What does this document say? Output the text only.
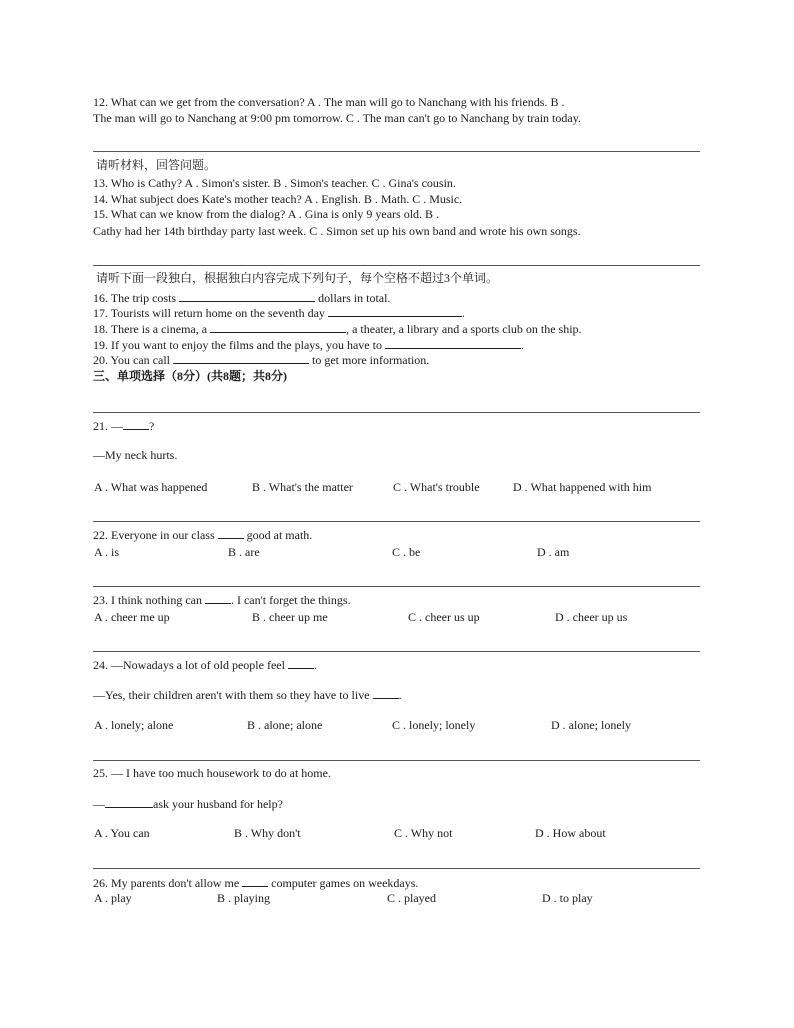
12. What can we get from the conversation? A . The man will go to Nanchang with his friends. B .
The man will go to Nanchang at 9:00 pm tomorrow. C . The man can't go to Nanchang by train today.
请听材料，回答问题。
13. Who is Cathy? A . Simon's sister. B . Simon's teacher. C . Gina's cousin.
14. What subject does Kate's mother teach? A . English. B . Math. C . Music.
15. What can we know from the dialog? A . Gina is only 9 years old. B .
Cathy had her 14th birthday party last week. C . Simon set up his own band and wrote his own songs.
请听下面一段独白，根据独白内容完成下列句子，每个空格不超过3个单词。
16. The trip costs	dollars in total.
17. Tourists will return home on the seventh day	.
18. There is a cinema, a	, a theater, a library and a sports club on the ship.
19. If you want to enjoy the films and the plays, you have to	.
20. You can call	to get more information.
三、单项选择（8分）(共8题；共8分)
21. — ?
—My neck hurts.
A . What was happened	B . What's the matter	C . What's trouble	D . What happened with him
22. Everyone in our class	good at math.
A . is	B . are	C . be	D . am
23. I think nothing can . I can't forget the things.
A . cheer me up	B . cheer up me	C . cheer us up	D . cheer up us
24. —Nowadays a lot of old people feel .
—Yes, their children aren't with them so they have to live .
A . lonely; alone	B . alone; alone	C . lonely; lonely	D . alone; lonely
25. — I have too much housework to do at home.
—	ask your husband for help?
A . You can	B . Why don't	C . Why not	D . How about
26. My parents don't allow me	computer games on weekdays.
A . play	B . playing	C . played	D . to play
